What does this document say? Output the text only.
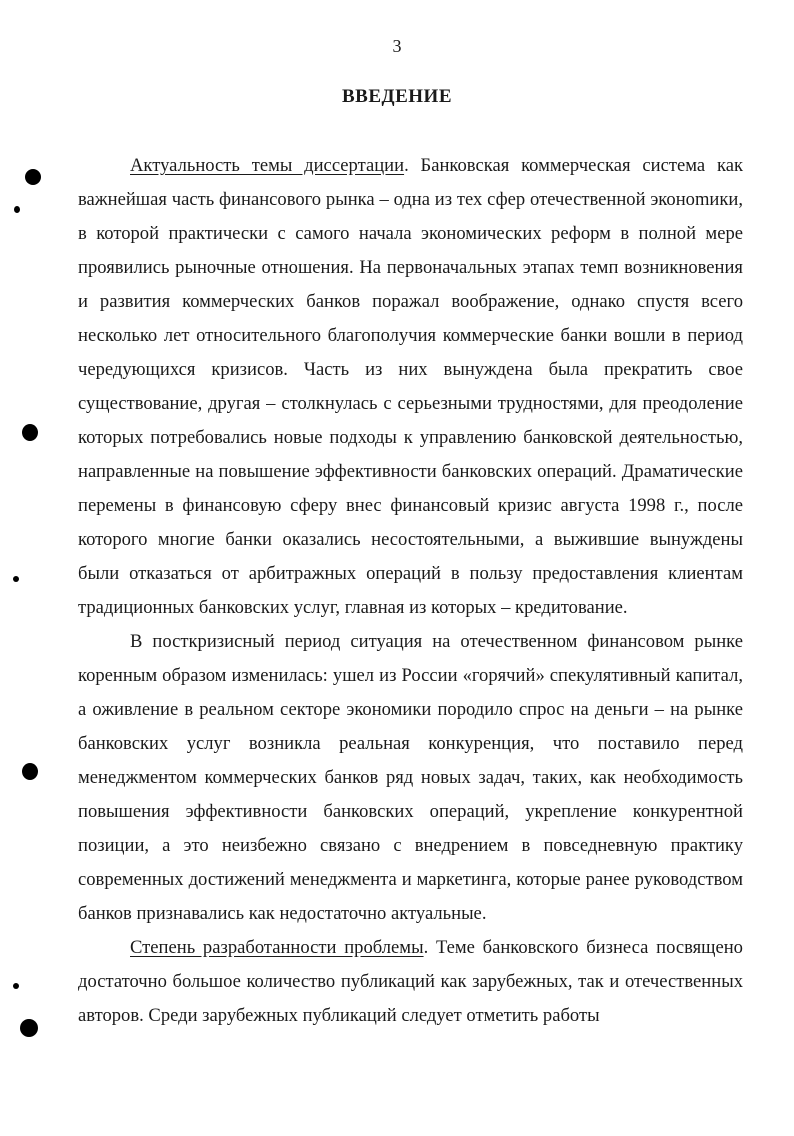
3
ВВЕДЕНИЕ

Актуальность темы диссертации. Банковская коммерческая система как важнейшая часть финансового рынка – одна из тех сфер отечественной эконоmики, в которой практически с самого начала экономических реформ в полной мере проявились рыночные отношения. На первоначальных этапах темп возникновения и развития коммерческих банков поражал воображение, однако спустя всего несколько лет относительного благополучия коммерческие банки вошли в период чередующихся кризисов. Часть из них вынуждена была прекратить свое существование, другая – столкнулась с серьезными трудностями, для преодоление которых потребовались новые подходы к управлению банковской деятельностью, направленные на повышение эффективности банковских операций. Драматические перемены в финансовую сферу внес финансовый кризис августа 1998 г., после которого многие банки оказались несостоятельными, а выжившие вынуждены были отказаться от арбитражных операций в пользу предоставления клиентам традиционных банковских услуг, главная из которых – кредитование.

В посткризисный период ситуация на отечественном финансовом рынке коренным образом изменилась: ушел из России «горячий» спекулятивный капитал, а оживление в реальном секторе экономики породило спрос на деньги – на рынке банковских услуг возникла реальная конкуренция, что поставило перед менеджментом коммерческих банков ряд новых задач, таких, как необходимость повышения эффективности банковских операций, укрепление конкурентной позиции, а это неизбежно связано с внедрением в повседневную практику современных достижений менеджмента и маркетинга, которые ранее руководством банков признавались как недостаточно актуальные.

Степень разработанности проблемы. Теме банковского бизнеса посвящено достаточно большое количество публикаций как зарубежных, так и отечественных авторов. Среди зарубежных публикаций следует отметить работы
